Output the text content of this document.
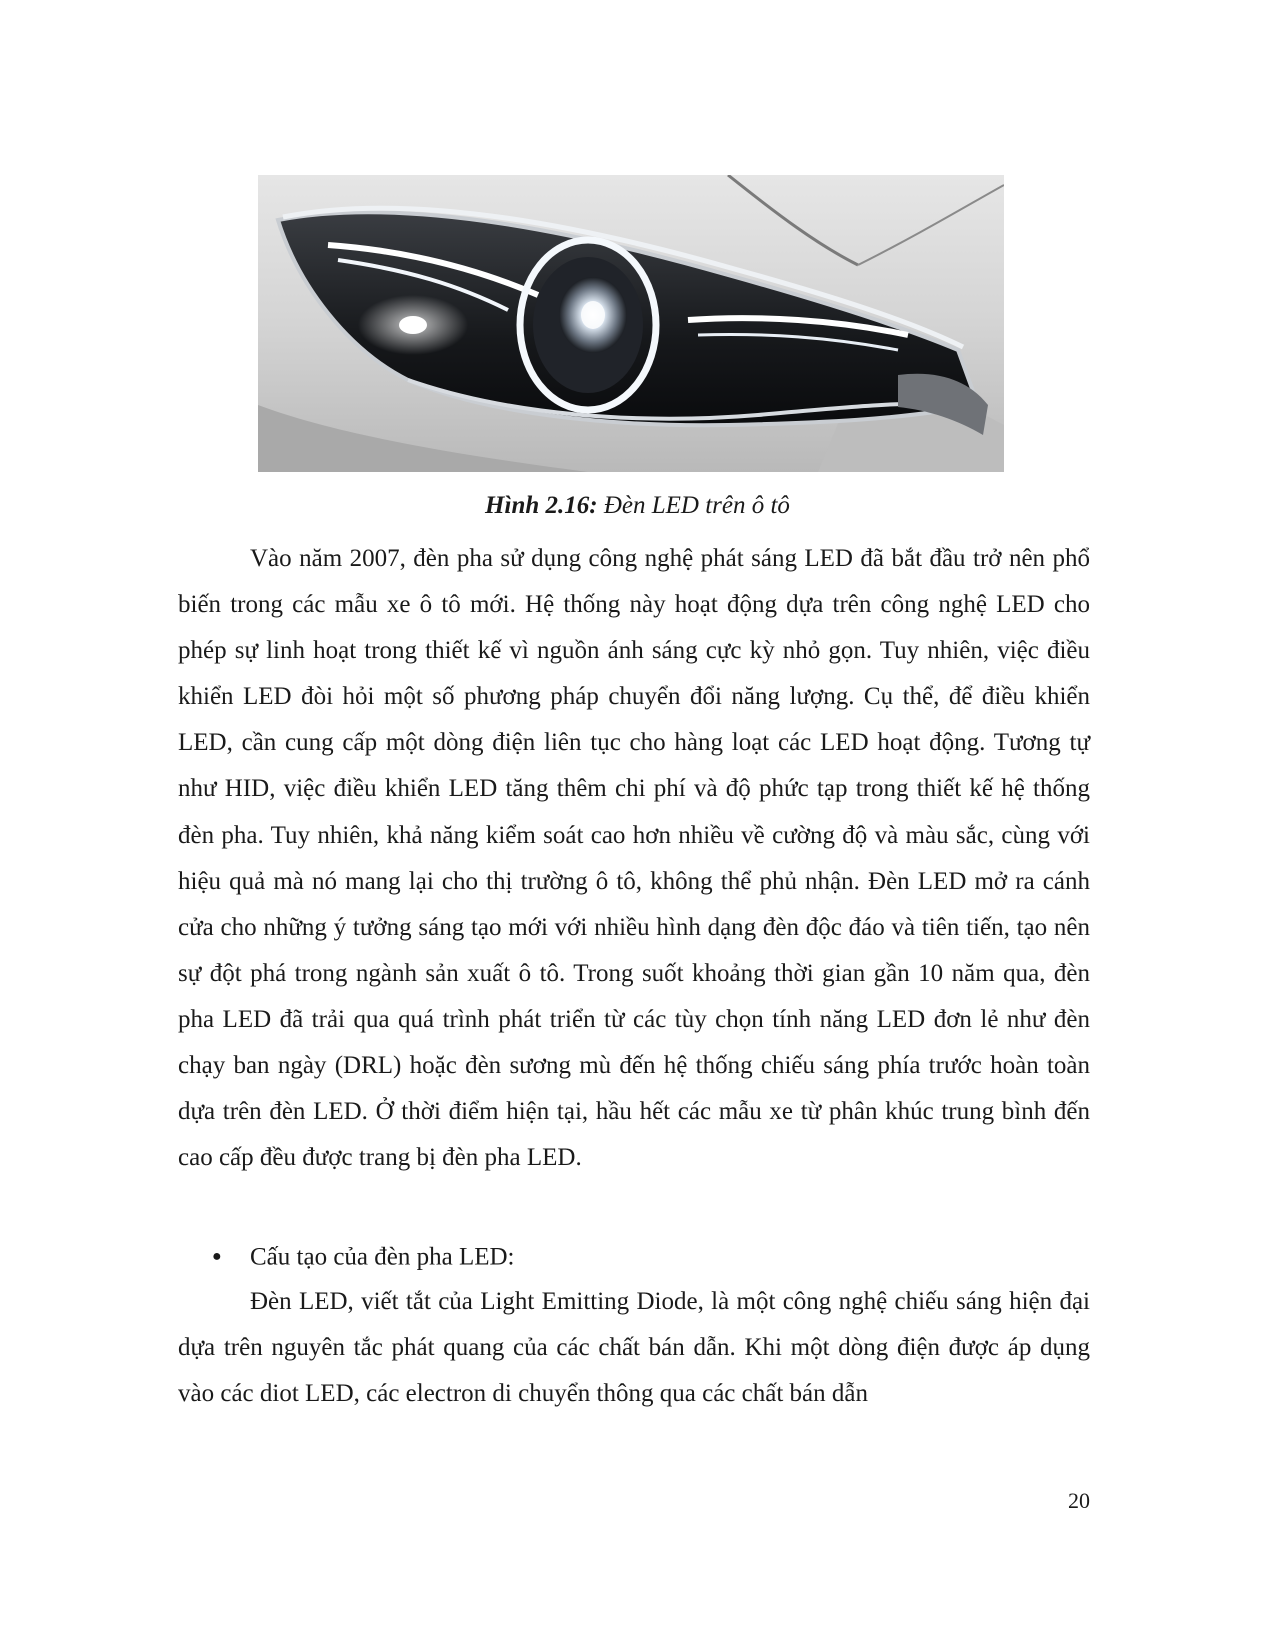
Hình 2.16: Đèn LED trên ô tô

Vào năm 2007, đèn pha sử dụng công nghệ phát sáng LED đã bắt đầu trở nên phổ biến trong các mẫu xe ô tô mới. Hệ thống này hoạt động dựa trên công nghệ LED cho phép sự linh hoạt trong thiết kế vì nguồn ánh sáng cực kỳ nhỏ gọn. Tuy nhiên, việc điều khiển LED đòi hỏi một số phương pháp chuyển đổi năng lượng. Cụ thể, để điều khiển LED, cần cung cấp một dòng điện liên tục cho hàng loạt các LED hoạt động. Tương tự như HID, việc điều khiển LED tăng thêm chi phí và độ phức tạp trong thiết kế hệ thống đèn pha. Tuy nhiên, khả năng kiểm soát cao hơn nhiều về cường độ và màu sắc, cùng với hiệu quả mà nó mang lại cho thị trường ô tô, không thể phủ nhận. Đèn LED mở ra cánh cửa cho những ý tưởng sáng tạo mới với nhiều hình dạng đèn độc đáo và tiên tiến, tạo nên sự đột phá trong ngành sản xuất ô tô. Trong suốt khoảng thời gian gần 10 năm qua, đèn pha LED đã trải qua quá trình phát triển từ các tùy chọn tính năng LED đơn lẻ như đèn chạy ban ngày (DRL) hoặc đèn sương mù đến hệ thống chiếu sáng phía trước hoàn toàn dựa trên đèn LED. Ở thời điểm hiện tại, hầu hết các mẫu xe từ phân khúc trung bình đến cao cấp đều được trang bị đèn pha LED.

● Cấu tạo của đèn pha LED:

Đèn LED, viết tắt của Light Emitting Diode, là một công nghệ chiếu sáng hiện đại dựa trên nguyên tắc phát quang của các chất bán dẫn. Khi một dòng điện được áp dụng vào các diot LED, các electron di chuyển thông qua các chất bán dẫn

20
